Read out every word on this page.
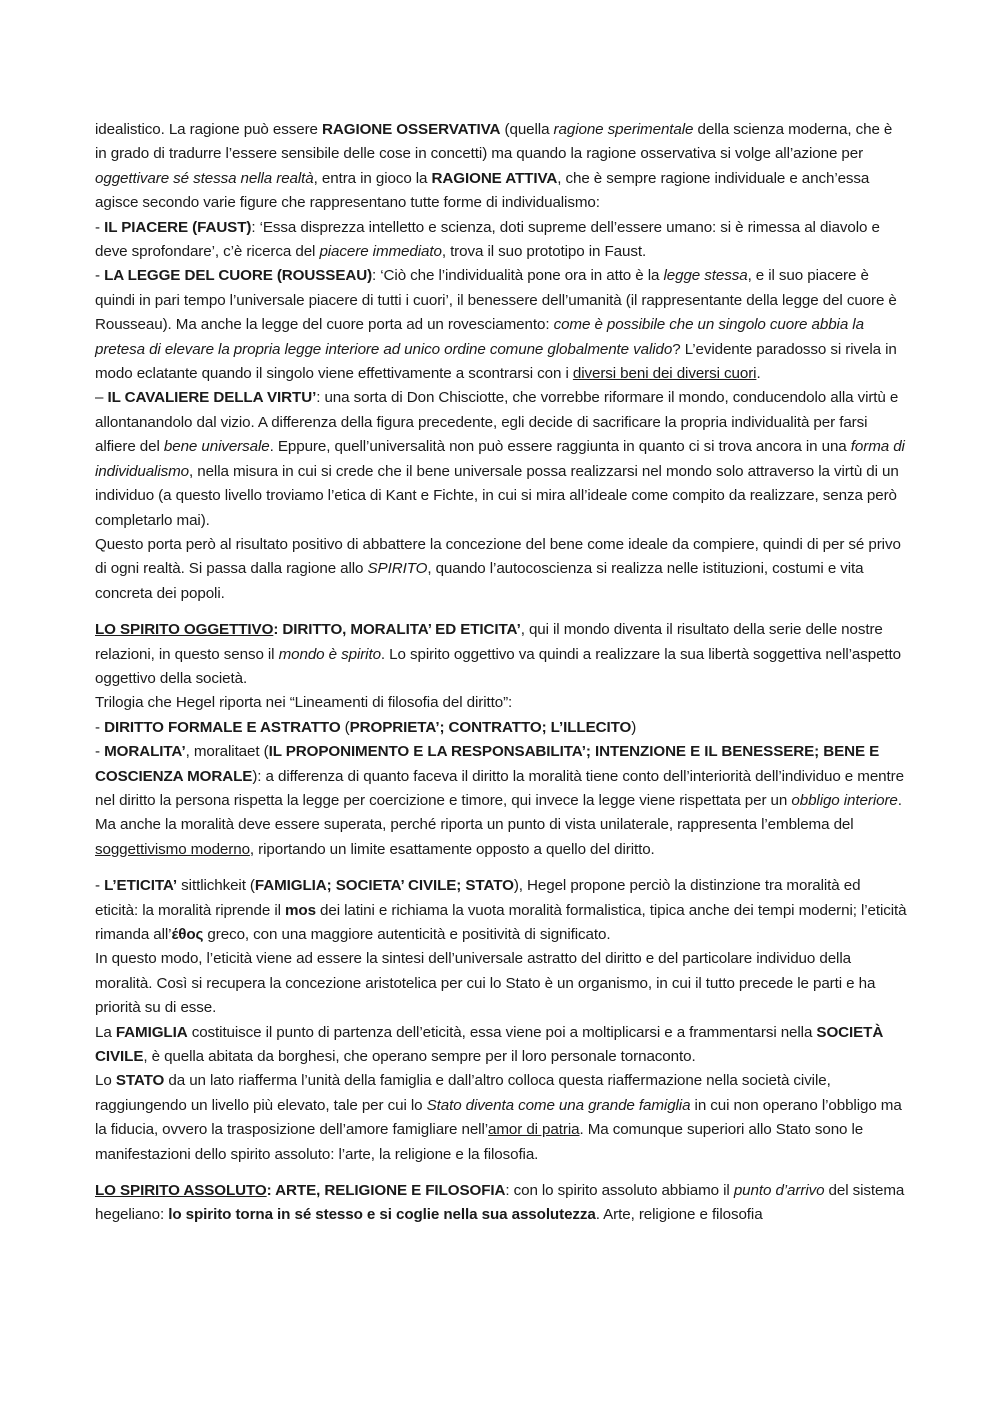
idealistico. La ragione può essere RAGIONE OSSERVATIVA (quella ragione sperimentale della scienza moderna, che è in grado di tradurre l’essere sensibile delle cose in concetti) ma quando la ragione osservativa si volge all’azione per oggettivare sé stessa nella realtà, entra in gioco la RAGIONE ATTIVA, che è sempre ragione individuale e anch’essa agisce secondo varie figure che rappresentano tutte forme di individualismo:

- IL PIACERE (FAUST): ‘Essa disprezza intelletto e scienza, doti supreme dell’essere umano: si è rimessa al diavolo e deve sprofondare’, c’è ricerca del piacere immediato, trova il suo prototipo in Faust.

- LA LEGGE DEL CUORE (ROUSSEAU): ‘Ciò che l’individualità pone ora in atto è la legge stessa, e il suo piacere è quindi in pari tempo l’universale piacere di tutti i cuori’, il benessere dell’umanità (il rappresentante della legge del cuore è Rousseau). Ma anche la legge del cuore porta ad un rovesciamento: come è possibile che un singolo cuore abbia la pretesa di elevare la propria legge interiore ad unico ordine comune globalmente valido? L’evidente paradosso si rivela in modo eclatante quando il singolo viene effettivamente a scontrarsi con i diversi beni dei diversi cuori.

– IL CAVALIERE DELLA VIRTU’: una sorta di Don Chisciotte, che vorrebbe riformare il mondo, conducendolo alla virtù e allontanandolo dal vizio. A differenza della figura precedente, egli decide di sacrificare la propria individualità per farsi alfiere del bene universale. Eppure, quell’universalità non può essere raggiunta in quanto ci si trova ancora in una forma di individualismo, nella misura in cui si crede che il bene universale possa realizzarsi nel mondo solo attraverso la virtù di un individuo (a questo livello troviamo l’etica di Kant e Fichte, in cui si mira all’ideale come compito da realizzare, senza però completarlo mai).

Questo porta però al risultato positivo di abbattere la concezione del bene come ideale da compiere, quindi di per sé privo di ogni realtà. Si passa dalla ragione allo SPIRITO, quando l’autocoscienza si realizza nelle istituzioni, costumi e vita concreta dei popoli.

LO SPIRITO OGGETTIVO: DIRITTO, MORALITA’ ED ETICITA’, qui il mondo diventa il risultato della serie delle nostre relazioni, in questo senso il mondo è spirito. Lo spirito oggettivo va quindi a realizzare la sua libertà soggettiva nell’aspetto oggettivo della società.

Trilogia che Hegel riporta nei “Lineamenti di filosofia del diritto”:

- DIRITTO FORMALE E ASTRATTO (PROPRIETA’; CONTRATTO; L’ILLECITO)

- MORALITA’, moralitaet (IL PROPONIMENTO E LA RESPONSABILITA’; INTENZIONE E IL BENESSERE; BENE E COSCIENZA MORALE): a differenza di quanto faceva il diritto la moralità tiene conto dell’interiorità dell’individuo e mentre nel diritto la persona rispetta la legge per coercizione e timore, qui invece la legge viene rispettata per un obbligo interiore. Ma anche la moralità deve essere superata, perché riporta un punto di vista unilaterale, rappresenta l’emblema del soggettivismo moderno, riportando un limite esattamente opposto a quello del diritto.

- L’ETICITA’ sittlichkeit (FAMIGLIA; SOCIETA’ CIVILE; STATO), Hegel propone perciò la distinzione tra moralità ed eticità: la moralità riprende il mos dei latini e richiama la vuota moralità formalistica, tipica anche dei tempi moderni; l’eticità rimanda all’έθος greco, con una maggiore autenticità e positività di significato.

In questo modo, l’eticità viene ad essere la sintesi dell’universale astratto del diritto e del particolare individuo della moralità. Così si recupera la concezione aristotelica per cui lo Stato è un organismo, in cui il tutto precede le parti e ha priorità su di esse.

La FAMIGLIA costituisce il punto di partenza dell’eticità, essa viene poi a moltiplicarsi e a frammentarsi nella SOCIETÀ CIVILE, è quella abitata da borghesi, che operano sempre per il loro personale tornaconto.

Lo STATO da un lato riafferma l’unità della famiglia e dall’altro colloca questa riaffermazione nella società civile, raggiungendo un livello più elevato, tale per cui lo Stato diventa come una grande famiglia in cui non operano l’obbligo ma la fiducia, ovvero la trasposizione dell’amore famigliare nell’amor di patria. Ma comunque superiori allo Stato sono le manifestazioni dello spirito assoluto: l’arte, la religione e la filosofia.

LO SPIRITO ASSOLUTO: ARTE, RELIGIONE E FILOSOFIA: con lo spirito assoluto abbiamo il punto d’arrivo del sistema hegeliano: lo spirito torna in sé stesso e si coglie nella sua assolutezza. Arte, religione e filosofia
